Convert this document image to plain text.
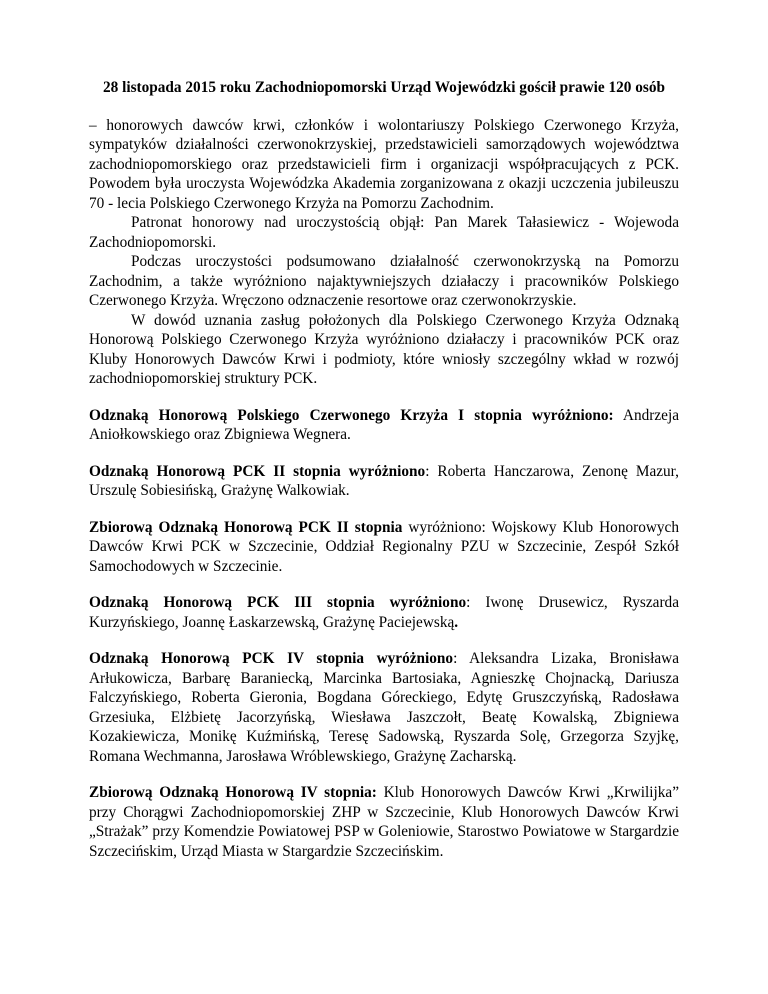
28 listopada 2015 roku Zachodniopomorski Urząd Wojewódzki gościł prawie 120 osób

– honorowych dawców krwi, członków i wolontariuszy Polskiego Czerwonego Krzyża, sympatyków działalności czerwonokrzyskiej, przedstawicieli samorządowych województwa zachodniopomorskiego oraz przedstawicieli firm i organizacji współpracujących z PCK. Powodem była uroczysta Wojewódzka Akademia zorganizowana z okazji uczczenia jubileuszu 70 - lecia Polskiego Czerwonego Krzyża na Pomorzu Zachodnim.

Patronat honorowy nad uroczystością objął: Pan Marek Tałasiewicz - Wojewoda Zachodniopomorski.

Podczas uroczystości podsumowano działalność czerwonokrzyską na Pomorzu Zachodnim, a także wyróżniono najaktywniejszych działaczy i pracowników Polskiego Czerwonego Krzyża. Wręczono odznaczenie resortowe oraz czerwonokrzyskie.

W dowód uznania zasług położonych dla Polskiego Czerwonego Krzyża Odznaką Honorową Polskiego Czerwonego Krzyża wyróżniono działaczy i pracowników PCK oraz Kluby Honorowych Dawców Krwi i podmioty, które wniosły szczególny wkład w rozwój zachodniopomorskiej struktury PCK.

Odznaką Honorową Polskiego Czerwonego Krzyża I stopnia wyróżniono: Andrzeja Aniołkowskiego oraz Zbigniewa Wegnera.

Odznaką Honorową PCK II stopnia wyróżniono: Roberta Hanczarowa, Zenonę Mazur, Urszulę Sobiesińską, Grażynę Walkowiak.

Zbiorową Odznaką Honorową PCK II stopnia wyróżniono: Wojskowy Klub Honorowych Dawców Krwi PCK w Szczecinie, Oddział Regionalny PZU w Szczecinie, Zespół Szkół Samochodowych w Szczecinie.

Odznaką Honorową PCK III stopnia wyróżniono: Iwonę Drusewicz, Ryszarda Kurzyńskiego, Joannę Łaskarzewską, Grażynę Paciejewską.

Odznaką Honorową PCK IV stopnia wyróżniono: Aleksandra Lizaka, Bronisława Arłukowicza, Barbarę Baraniecką, Marcinka Bartosiaka, Agnieszkę Chojnacką, Dariusza Falczyńskiego, Roberta Gieronia, Bogdana Góreckiego, Edytę Gruszczyńską, Radosława Grzesiuka, Elżbietę Jacorzyńską, Wiesława Jaszczołt, Beatę Kowalską, Zbigniewa Kozakiewicza, Monikę Kuźmińską, Teresę Sadowską, Ryszarda Solę, Grzegorza Szyjkę, Romana Wechmanna, Jarosława Wróblewskiego, Grażynę Zacharską.

Zbiorową Odznaką Honorową IV stopnia: Klub Honorowych Dawców Krwi „Krwilijka” przy Chorągwi Zachodniopomorskiej ZHP w Szczecinie, Klub Honorowych Dawców Krwi „Strażak” przy Komendzie Powiatowej PSP w Goleniowie, Starostwo Powiatowe w Stargardzie Szczecińskim, Urząd Miasta w Stargardzie Szczecińskim.
